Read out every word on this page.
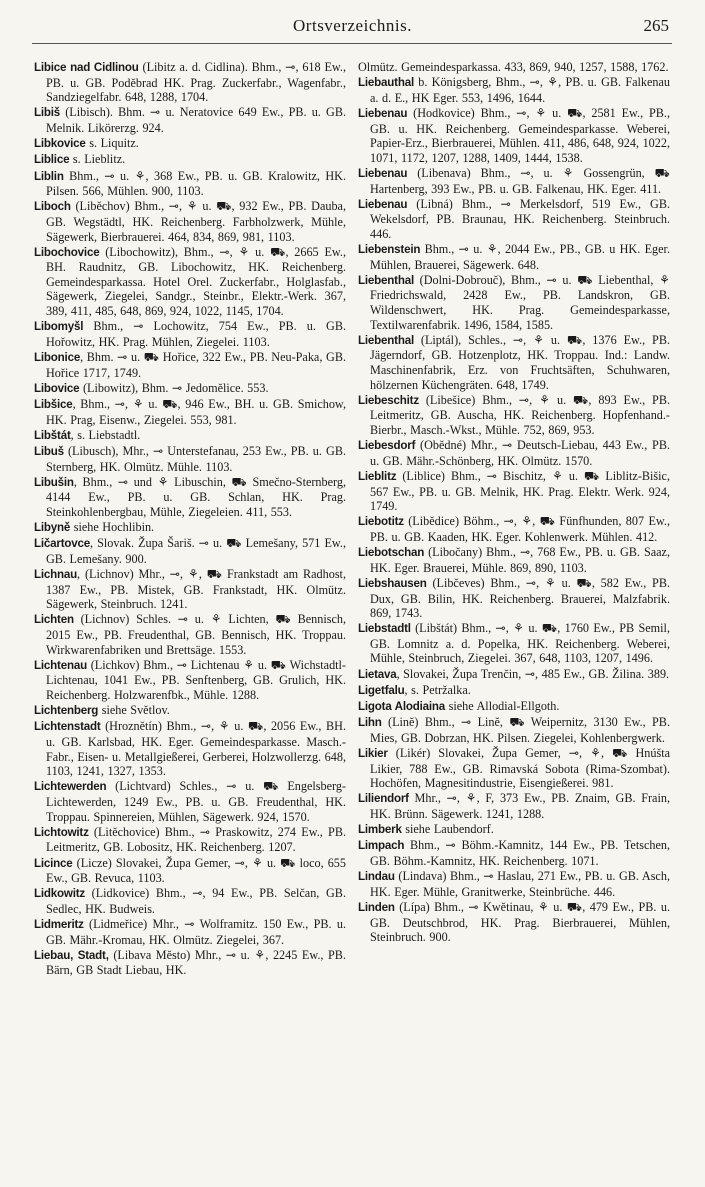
Ortsverzeichnis.	265

Libice nad Cidlinou (Libitz a. d. Cidlina). Bhm., ⊸, 618 Ew., PB. u. GB. Poděbrad HK. Prag. Zuckerfabr., Wagenfabr., Sandziegelfabr. 648, 1288, 1704.

Libiš (Libisch). Bhm. ⊸ u. Neratovice 649 Ew., PB. u. GB. Melnik. Likörerzg. 924.

Libkovice s. Liquitz.

Liblice s. Lieblitz.

Liblin Bhm., ⊸ u. ⚘, 368 Ew., PB. u. GB. Kralowitz, HK. Pilsen. 566, Mühlen. 900, 1103.

Liboch (Liběchov) Bhm., ⊸, ⚘ u. ⛟, 932 Ew., PB. Dauba, GB. Wegstädtl, HK. Reichenberg. Farbholzwerk, Mühle, Sägewerk, Bierbrauerei. 464, 834, 869, 981, 1103.

Libochovice (Libochowitz), Bhm., ⊸, ⚘ u. ⛟, 2665 Ew., BH. Raudnitz, GB. Libochowitz, HK. Reichenberg. Gemeindesparkassa. Hotel Orel. Zuckerfabr., Holglasfab., Sägewerk, Ziegelei, Sandgr., Steinbr., Elektr.-Werk. 367, 389, 411, 485, 648, 869, 924, 1022, 1145, 1704.

Libomyšl Bhm., ⊸ Lochowitz, 754 Ew., PB. u. GB. Hořowitz, HK. Prag. Mühlen, Ziegelei. 1103.

Libonice, Bhm. ⊸ u. ⛟ Hořice, 322 Ew., PB. Neu-Paka, GB. Hořice 1717, 1749.

Libovice (Libowitz), Bhm. ⊸ Jedomělice. 553.

Libšice, Bhm., ⊸, ⚘ u. ⛟, 946 Ew., BH. u. GB. Smichow, HK. Prag, Eisenw., Ziegelei. 553, 981.

Libštát, s. Liebstadtl.

Libuš (Libusch), Mhr., ⊸ Unterstefanau, 253 Ew., PB. u. GB. Sternberg, HK. Olmütz. Mühle. 1103.

Libušin, Bhm., ⊸ und ⚘ Libuschin, ⛟ Smečno-Sternberg, 4144 Ew., PB. u. GB. Schlan, HK. Prag. Steinkohlenbergbau, Mühle, Ziegeleien. 411, 553.

Libyně siehe Hochlibin.

Ličartovce, Slovak. Župa Šariš. ⊸ u. ⛟ Lemešany, 571 Ew., GB. Lemešany. 900.

Lichnau, (Lichnov) Mhr., ⊸, ⚘, ⛟ Frankstadt am Radhost, 1387 Ew., PB. Mistek, GB. Frankstadt, HK. Olmütz. Sägewerk, Steinbruch. 1241.

Lichten (Lichnov) Schles. ⊸ u. ⚘ Lichten, ⛟ Bennisch, 2015 Ew., PB. Freudenthal, GB. Bennisch, HK. Troppau. Wirkwarenfabriken und Brettsäge. 1553.

Lichtenau (Lichkov) Bhm., ⊸ Lichtenau ⚘ u. ⛟ Wichstadtl-Lichtenau, 1041 Ew., PB. Senftenberg, GB. Grulich, HK. Reichenberg. Holzwarenfbk., Mühle. 1288.

Lichtenberg siehe Světlov.

Lichtenstadt (Hroznětín) Bhm., ⊸, ⚘ u. ⛟, 2056 Ew., BH. u. GB. Karlsbad, HK. Eger. Gemeindesparkasse. Masch.-Fabr., Eisen- u. Metallgießerei, Gerberei, Holzwollerzg. 648, 1103, 1241, 1327, 1353.

Lichtewerden (Lichtvard) Schles., ⊸ u. ⛟ Engelsberg-Lichtewerden, 1249 Ew., PB. u. GB. Freudenthal, HK. Troppau. Spinnereien, Mühlen, Sägewerk. 924, 1570.

Lichtowitz (Litěchovice) Bhm., ⊸ Praskowitz, 274 Ew., PB. Leitmeritz, GB. Lobositz, HK. Reichenberg. 1207.

Licince (Licze) Slovakei, Župa Gemer, ⊸, ⚘ u. ⛟ loco, 655 Ew., GB. Revuca, 1103.

Lidkowitz (Lidkovice) Bhm., ⊸, 94 Ew., PB. Selčan, GB. Sedlec, HK. Budweis.

Lidmeritz (Lidmeřice) Mhr., ⊸ Wolframitz. 150 Ew., PB. u. GB. Mähr.-Kromau, HK. Olmütz. Ziegelei, 367.

Liebau, Stadt, (Libava Město) Mhr., ⊸ u. ⚘, 2245 Ew., PB. Bärn, GB Stadt Liebau, HK.

Olmütz. Gemeindesparkassa. 433, 869, 940, 1257, 1588, 1762.

Liebauthal b. Königsberg, Bhm., ⊸, ⚘, PB. u. GB. Falkenau a. d. E., HK Eger. 553, 1496, 1644.

Liebenau (Hodkovice) Bhm., ⊸, ⚘ u. ⛟, 2581 Ew., PB., GB. u. HK. Reichenberg. Gemeindesparkasse. Weberei, Papier-Erz., Bierbrauerei, Mühlen. 411, 486, 648, 924, 1022, 1071, 1172, 1207, 1288, 1409, 1444, 1538.

Liebenau (Libenava) Bhm., ⊸, u. ⚘ Gossengrün, ⛟ Hartenberg, 393 Ew., PB. u. GB. Falkenau, HK. Eger. 411.

Liebenau (Libná) Bhm., ⊸ Merkelsdorf, 519 Ew., GB. Wekelsdorf, PB. Braunau, HK. Reichenberg. Steinbruch. 446.

Liebenstein Bhm., ⊸ u. ⚘, 2044 Ew., PB., GB. u HK. Eger. Mühlen, Brauerei, Sägewerk. 648.

Liebenthal (Dolni-Dobrouč), Bhm., ⊸ u. ⛟ Liebenthal, ⚘ Friedrichswald, 2428 Ew., PB. Landskron, GB. Wildenschwert, HK. Prag. Gemeindesparkasse, Textilwarenfabrik. 1496, 1584, 1585.

Liebenthal (Liptál), Schles., ⊸, ⚘ u. ⛟, 1376 Ew., PB. Jägerndorf, GB. Hotzenplotz, HK. Troppau. Ind.: Landw. Maschinenfabrik, Erz. von Fruchtsäften, Schuhwaren, hölzernen Küchengräten. 648, 1749.

Liebeschitz (Libešice) Bhm., ⊸, ⚘ u. ⛟, 893 Ew., PB. Leitmeritz, GB. Auscha, HK. Reichenberg. Hopfenhand.-Bierbr., Masch.-Wkst., Mühle. 752, 869, 953.

Liebesdorf (Obědné) Mhr., ⊸ Deutsch-Liebau, 443 Ew., PB. u. GB. Mähr.-Schönberg, HK. Olmütz. 1570.

Lieblitz (Liblice) Bhm., ⊸ Bischitz, ⚘ u. ⛟ Liblitz-Bišic, 567 Ew., PB. u. GB. Melnik, HK. Prag. Elektr. Werk. 924, 1749.

Liebotitz (Libědice) Böhm., ⊸, ⚘, ⛟ Fünfhunden, 807 Ew., PB. u. GB. Kaaden, HK. Eger. Kohlenwerk. Mühlen. 412.

Liebotschan (Libočany) Bhm., ⊸, 768 Ew., PB. u. GB. Saaz, HK. Eger. Brauerei, Mühle. 869, 890, 1103.

Liebshausen (Libčeves) Bhm., ⊸, ⚘ u. ⛟, 582 Ew., PB. Dux, GB. Bilin, HK. Reichenberg. Brauerei, Malzfabrik. 869, 1743.

Liebstadtl (Libštát) Bhm., ⊸, ⚘ u. ⛟, 1760 Ew., PB Semil, GB. Lomnitz a. d. Popelka, HK. Reichenberg. Weberei, Mühle, Steinbruch, Ziegelei. 367, 648, 1103, 1207, 1496.

Lietava, Slovakei, Župa Trenčin, ⊸, 485 Ew., GB. Žilina. 389.

Ligetfalu, s. Petržalka.

Ligota Alodiaina siehe Allodial-Ellgoth.

Lihn (Linĕ) Bhm., ⊸ Linĕ, ⛟ Weipernitz, 3130 Ew., PB. Mies, GB. Dobrzan, HK. Pilsen. Ziegelei, Kohlenbergwerk.

Likier (Likér) Slovakei, Župa Gemer, ⊸, ⚘, ⛟ Hnúšta Likier, 788 Ew., GB. Rimavská Sobota (Rima-Szombat). Hochöfen, Magnesitindustrie, Eisengießerei. 981.

Liliendorf Mhr., ⊸, ⚘, F, 373 Ew., PB. Znaim, GB. Frain, HK. Brünn. Sägewerk. 1241, 1288.

Limberk siehe Laubendorf.

Limpach Bhm., ⊸ Böhm.-Kamnitz, 144 Ew., PB. Tetschen, GB. Böhm.-Kamnitz, HK. Reichenberg. 1071.

Lindau (Lindava) Bhm., ⊸ Haslau, 271 Ew., PB. u. GB. Asch, HK. Eger. Mühle, Granitwerke, Steinbrüche. 446.

Linden (Lípa) Bhm., ⊸ Kwětinau, ⚘ u. ⛟, 479 Ew., PB. u. GB. Deutschbrod, HK. Prag. Bierbrauerei, Mühlen, Steinbruch. 900.
